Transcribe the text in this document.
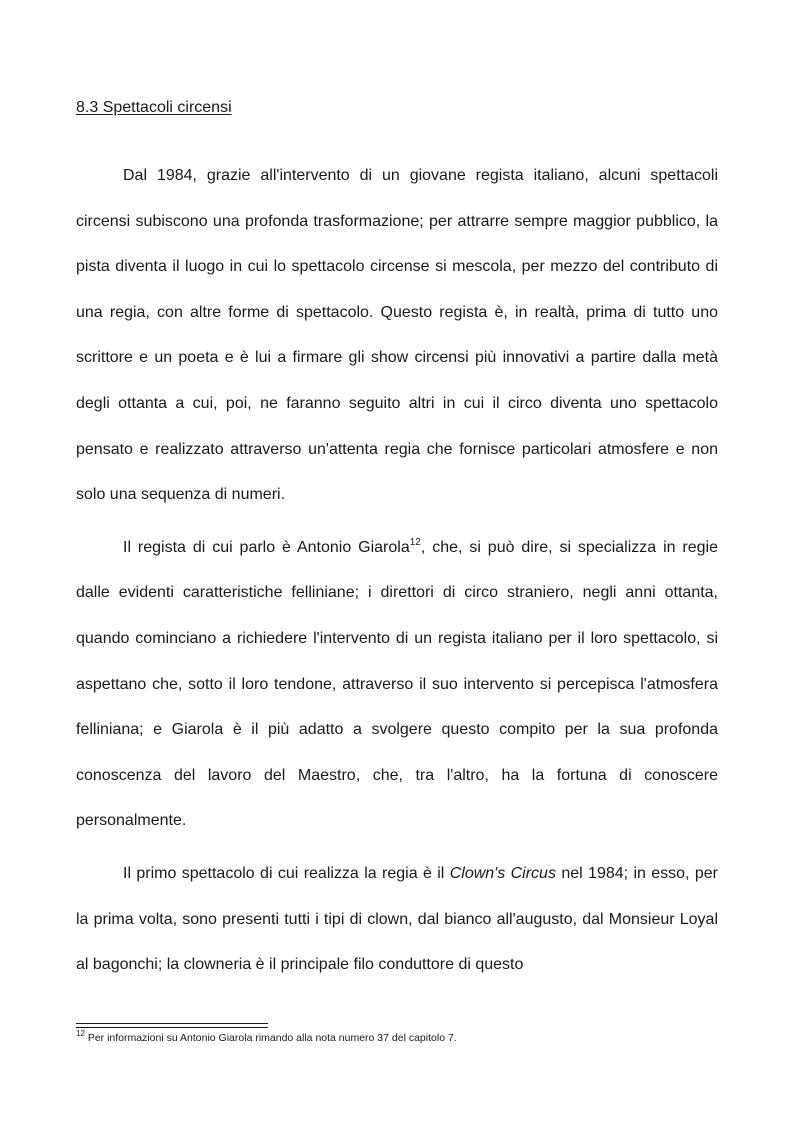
8.3 Spettacoli circensi

Dal 1984, grazie all'intervento di un giovane regista italiano, alcuni spettacoli circensi subiscono una profonda trasformazione; per attrarre sempre maggior pubblico, la pista diventa il luogo in cui lo spettacolo circense si mescola, per mezzo del contributo di una regia, con altre forme di spettacolo. Questo regista è, in realtà, prima di tutto uno scrittore e un poeta e è lui a firmare gli show circensi più innovativi a partire dalla metà degli ottanta a cui, poi, ne faranno seguito altri in cui il circo diventa uno spettacolo pensato e realizzato attraverso un'attenta regia che fornisce particolari atmosfere e non solo una sequenza di numeri.

Il regista di cui parlo è Antonio Giarola$^{12}$, che, si può dire, si specializza in regie dalle evidenti caratteristiche felliniane; i direttori di circo straniero, negli anni ottanta, quando cominciano a richiedere l'intervento di un regista italiano per il loro spettacolo, si aspettano che, sotto il loro tendone, attraverso il suo intervento si percepisca l'atmosfera felliniana; e Giarola è il più adatto a svolgere questo compito per la sua profonda conoscenza del lavoro del Maestro, che, tra l'altro, ha la fortuna di conoscere personalmente.

Il primo spettacolo di cui realizza la regia è il Clown's Circus nel 1984; in esso, per la prima volta, sono presenti tutti i tipi di clown, dal bianco all'augusto, dal Monsieur Loyal al bagonchi; la clowneria è il principale filo conduttore di questo

$^{12}$ Per informazioni su Antonio Giarola rimando alla nota numero 37 del capitolo 7.
